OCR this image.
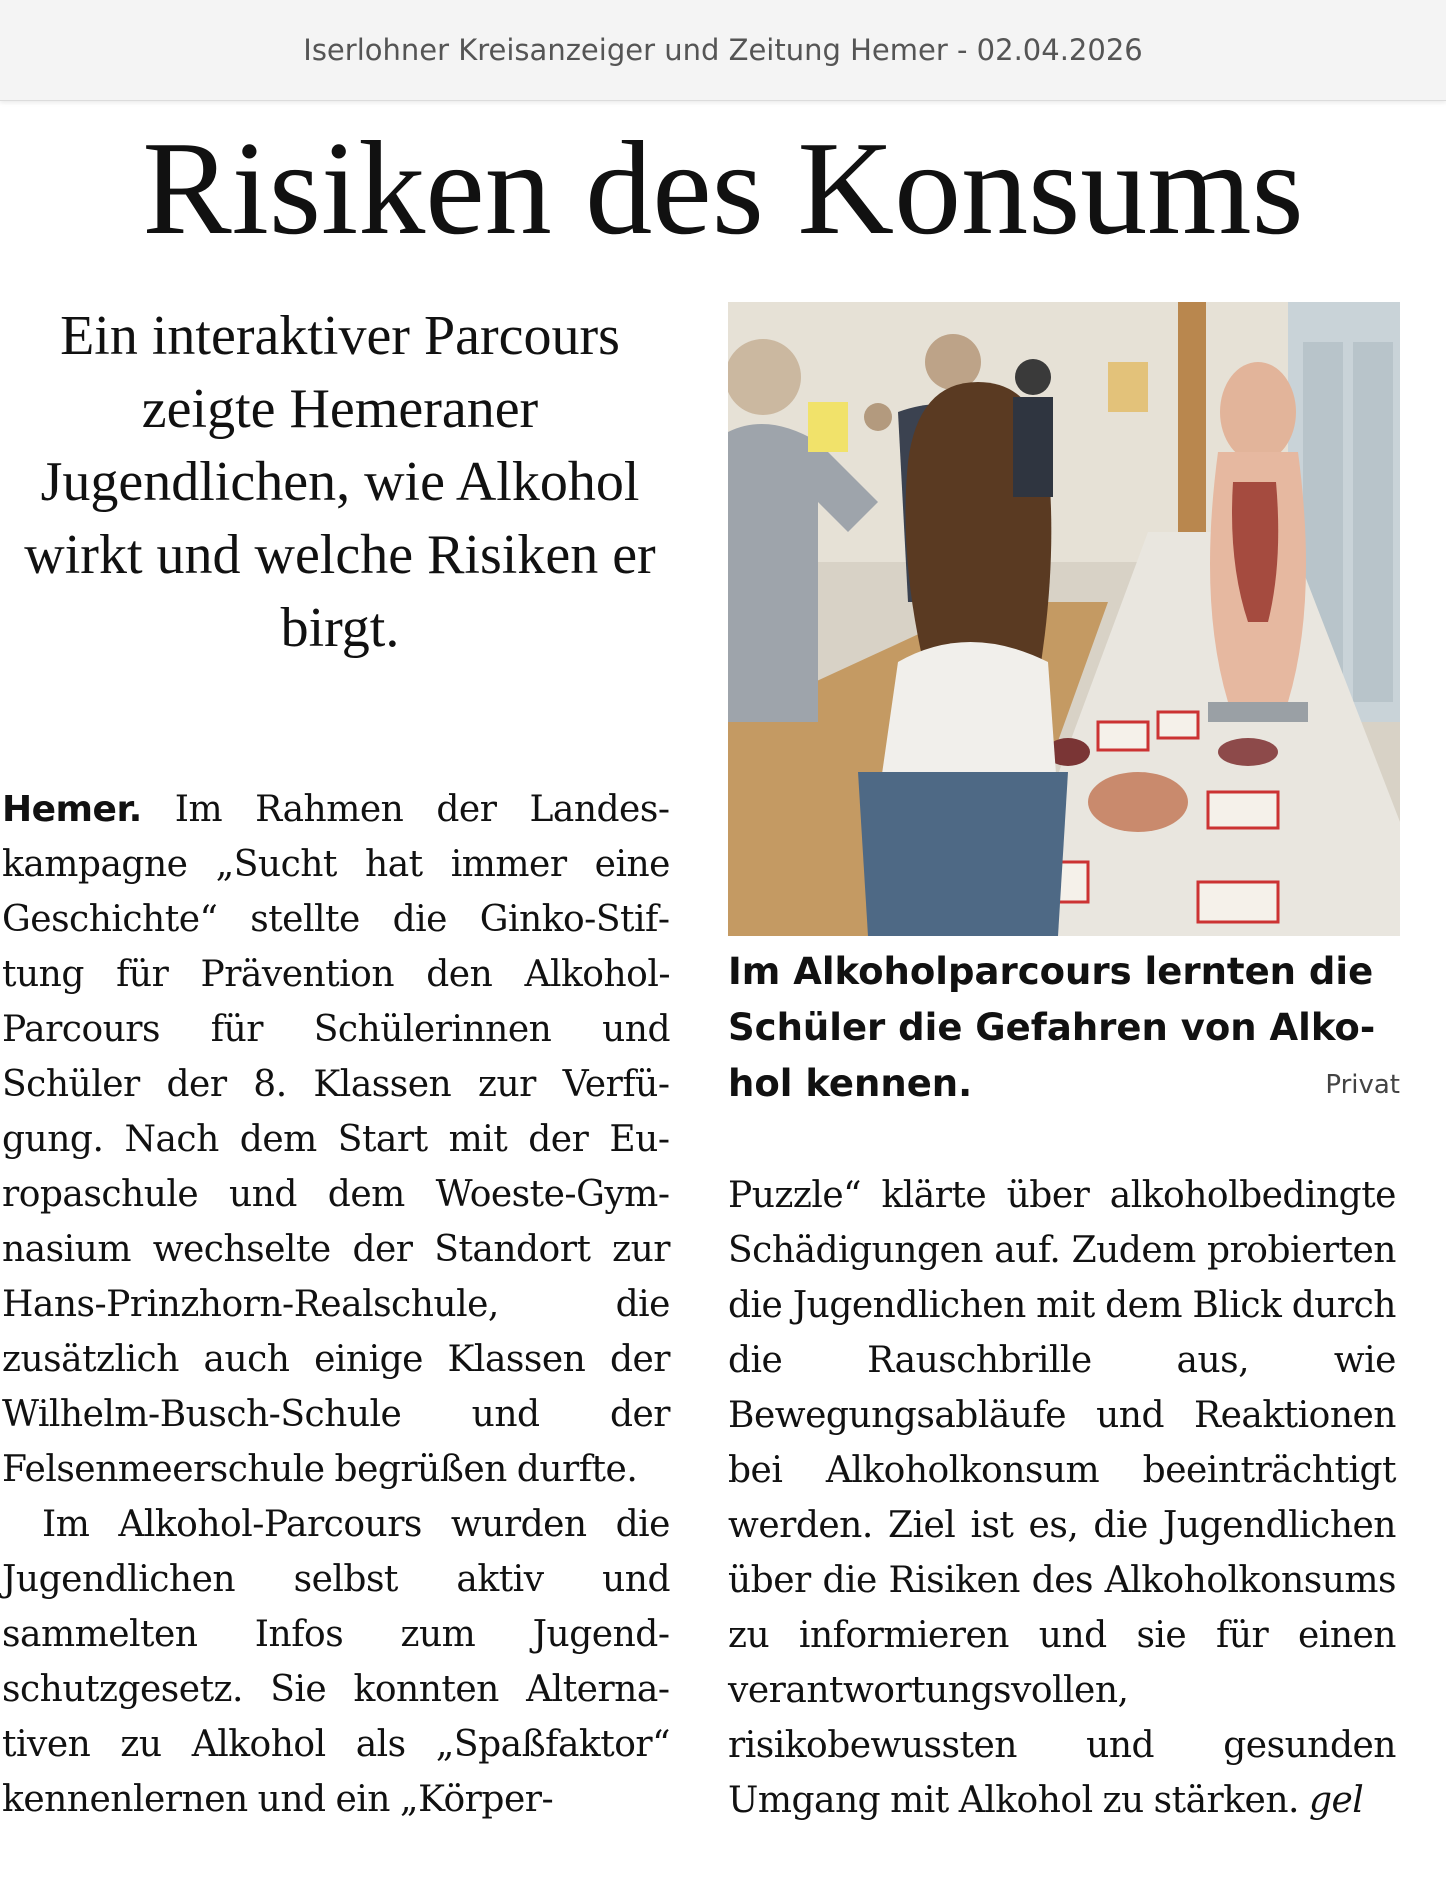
Iserlohner Kreisanzeiger und Zeitung Hemer - 02.04.2026
Risiken des Konsums
Ein interaktiver Parcours zeigte Hemeraner Jugendlichen, wie Alkohol wirkt und welche Risiken er birgt.

Hemer. Im Rahmen der Landeskampagne „Sucht hat immer eine Geschichte“ stellte die Ginko-Stiftung für Prävention den Alkohol-Parcours für Schülerinnen und Schüler der 8. Klassen zur Verfügung. Nach dem Start mit der Europaschule und dem Woeste-Gymnasium wechselte der Standort zur Hans-Prinzhorn-Realschule, die zusätzlich auch einige Klassen der Wilhelm-Busch-Schule und der Felsenmeerschule begrüßen durfte.

Im Alkohol-Parcours wurden die Jugendlichen selbst aktiv und sammelten Infos zum Jugendschutzgesetz. Sie konnten Alternativen zu Alkohol als „Spaßfaktor“ kennenlernen und ein „Körper-

Im Alkoholparcours lernten die Schüler die Gefahren von Alkohol kennen.	Privat

Puzzle“ klärte über alkoholbedingte Schädigungen auf. Zudem probierten die Jugendlichen mit dem Blick durch die Rauschbrille aus, wie Bewegungsabläufe und Reaktionen bei Alkoholkonsum beeinträchtigt werden. Ziel ist es, die Jugendlichen über die Risiken des Alkoholkonsums zu informieren und sie für einen verantwortungsvollen, risikobewussten und gesunden Umgang mit Alkohol zu stärken. gel
